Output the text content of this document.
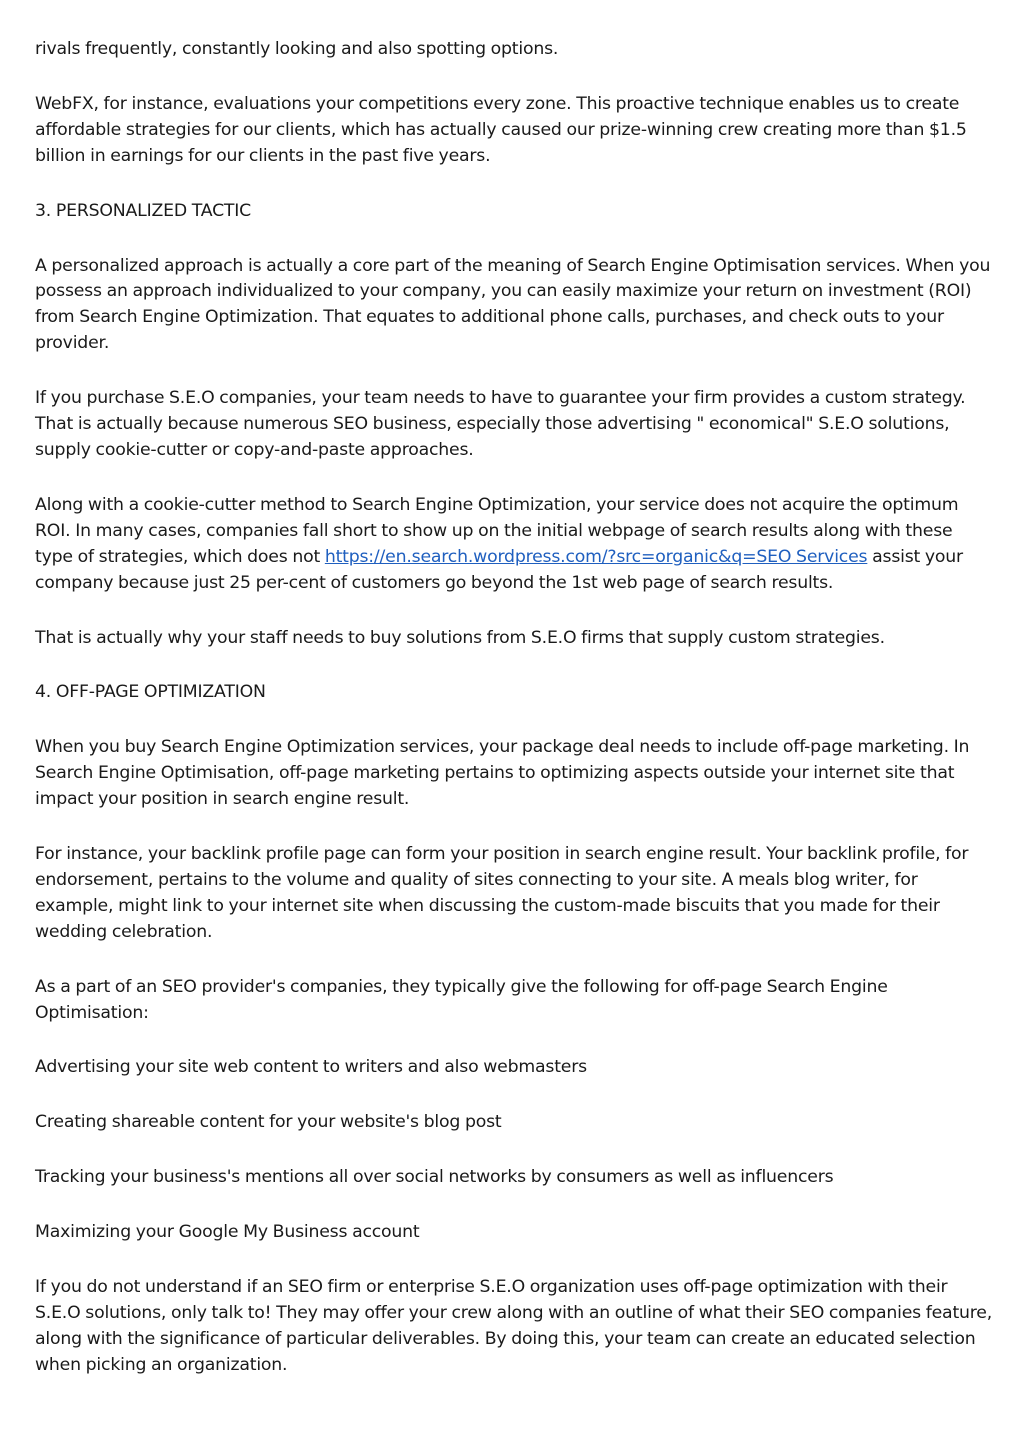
rivals frequently, constantly looking and also spotting options.

WebFX, for instance, evaluations your competitions every zone. This proactive technique enables us to create affordable strategies for our clients, which has actually caused our prize-winning crew creating more than $1.5 billion in earnings for our clients in the past five years.

3. PERSONALIZED TACTIC

A personalized approach is actually a core part of the meaning of Search Engine Optimisation services. When you possess an approach individualized to your company, you can easily maximize your return on investment (ROI) from Search Engine Optimization. That equates to additional phone calls, purchases, and check outs to your provider.

If you purchase S.E.O companies, your team needs to have to guarantee your firm provides a custom strategy. That is actually because numerous SEO business, especially those advertising " economical" S.E.O solutions, supply cookie-cutter or copy-and-paste approaches.

Along with a cookie-cutter method to Search Engine Optimization, your service does not acquire the optimum ROI. In many cases, companies fall short to show up on the initial webpage of search results along with these type of strategies, which does not https://en.search.wordpress.com/?src=organic&q=SEO Services assist your company because just 25 per-cent of customers go beyond the 1st web page of search results.

That is actually why your staff needs to buy solutions from S.E.O firms that supply custom strategies.

4. OFF-PAGE OPTIMIZATION

When you buy Search Engine Optimization services, your package deal needs to include off-page marketing. In Search Engine Optimisation, off-page marketing pertains to optimizing aspects outside your internet site that impact your position in search engine result.

For instance, your backlink profile page can form your position in search engine result. Your backlink profile, for endorsement, pertains to the volume and quality of sites connecting to your site. A meals blog writer, for example, might link to your internet site when discussing the custom-made biscuits that you made for their wedding celebration.

As a part of an SEO provider's companies, they typically give the following for off-page Search Engine Optimisation:

Advertising your site web content to writers and also webmasters

Creating shareable content for your website's blog post

Tracking your business's mentions all over social networks by consumers as well as influencers

Maximizing your Google My Business account

If you do not understand if an SEO firm or enterprise S.E.O organization uses off-page optimization with their S.E.O solutions, only talk to! They may offer your crew along with an outline of what their SEO companies feature, along with the significance of particular deliverables. By doing this, your team can create an educated selection when picking an organization.
